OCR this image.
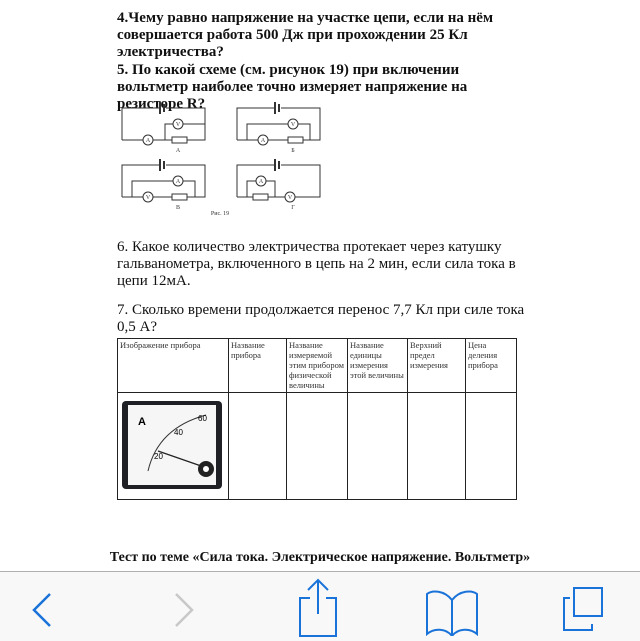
4.Чему равно напряжение на участке цепи, если на нём совершается работа 500 Дж при прохождении 25 Кл электричества?
5. По какой схеме (см. рисунок 19) при включении вольтметр наиболее точно измеряет напряжение на резисторе R?
A
V
A
V
V
A	A
V
А	Б
В	Г
Рис. 19
6. Какое количество электричества протекает через катушку гальванометра, включенного в цепь на 2 мин, если сила тока в цепи 12мА.
7. Сколько времени продолжается перенос 7,7 Кл при силе тока 0,5 А?
Изображение прибора	Название прибора	Название измеряемой этим прибором физической величины	Название единицы измерения этой величины	Верхний предел измерения	Цена деления прибора

A
20
40
60					

Тест по теме «Сила тока. Электрическое напряжение. Вольтметр»
